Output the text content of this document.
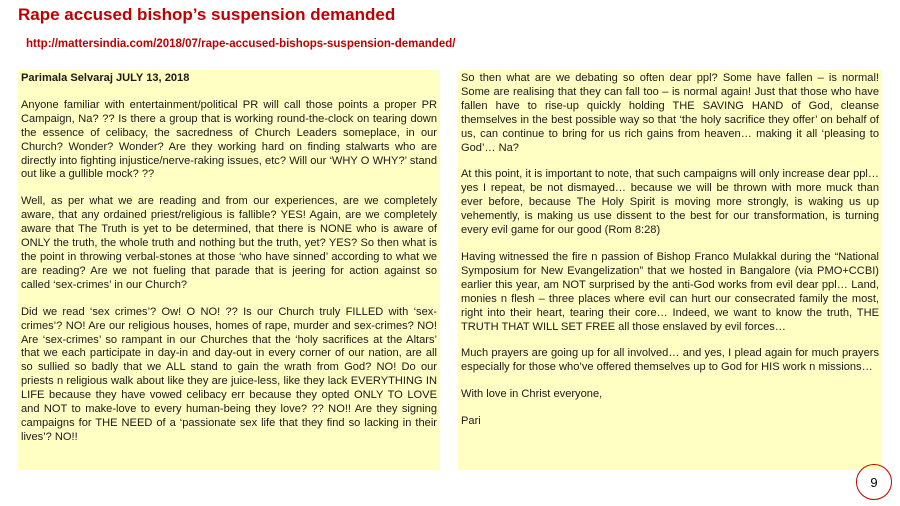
Rape accused bishop’s suspension demanded
http://mattersindia.com/2018/07/rape-accused-bishops-suspension-demanded/

Parimala Selvaraj JULY 13, 2018

Anyone familiar with entertainment/political PR will call those points a proper PR Campaign, Na? ?? Is there a group that is working round-the-clock on tearing down the essence of celibacy, the sacredness of Church Leaders someplace, in our Church? Wonder? Wonder? Are they working hard on finding stalwarts who are directly into fighting injustice/nerve-raking issues, etc? Will our ‘WHY O WHY?’ stand out like a gullible mock? ??

Well, as per what we are reading and from our experiences, are we completely aware, that any ordained priest/religious is fallible? YES! Again, are we completely aware that The Truth is yet to be determined, that there is NONE who is aware of ONLY the truth, the whole truth and nothing but the truth, yet? YES? So then what is the point in throwing verbal-stones at those ‘who have sinned’ according to what we are reading? Are we not fueling that parade that is jeering for action against so called ‘sex-crimes’ in our Church?

Did we read ‘sex crimes’? Ow! O NO! ?? Is our Church truly FILLED with ‘sex-crimes’? NO! Are our religious houses, homes of rape, murder and sex-crimes? NO! Are ‘sex-crimes’ so rampant in our Churches that the ‘holy sacrifices at the Altars’ that we each participate in day-in and day-out in every corner of our nation, are all so sullied so badly that we ALL stand to gain the wrath from God? NO! Do our priests n religious walk about like they are juice-less, like they lack EVERYTHING IN LIFE because they have vowed celibacy err because they opted ONLY TO LOVE and NOT to make-love to every human-being they love? ?? NO!! Are they signing campaigns for THE NEED of a ‘passionate sex life that they find so lacking in their lives’? NO!!

So then what are we debating so often dear ppl? Some have fallen – is normal! Some are realising that they can fall too – is normal again! Just that those who have fallen have to rise-up quickly holding THE SAVING HAND of God, cleanse themselves in the best possible way so that ‘the holy sacrifice they offer’ on behalf of us, can continue to bring for us rich gains from heaven… making it all ‘pleasing to God’… Na?

At this point, it is important to note, that such campaigns will only increase dear ppl… yes I repeat, be not dismayed… because we will be thrown with more muck than ever before, because The Holy Spirit is moving more strongly, is waking us up vehemently, is making us use dissent to the best for our transformation, is turning every evil game for our good (Rom 8:28)

Having witnessed the fire n passion of Bishop Franco Mulakkal during the “National Symposium for New Evangelization” that we hosted in Bangalore (via PMO+CCBI) earlier this year, am NOT surprised by the anti-God works from evil dear ppl… Land, monies n flesh – three places where evil can hurt our consecrated family the most, right into their heart, tearing their core… Indeed, we want to know the truth, THE TRUTH THAT WILL SET FREE all those enslaved by evil forces…

Much prayers are going up for all involved… and yes, I plead again for much prayers especially for those who’ve offered themselves up to God for HIS work n missions…

With love in Christ everyone,

Pari

9
